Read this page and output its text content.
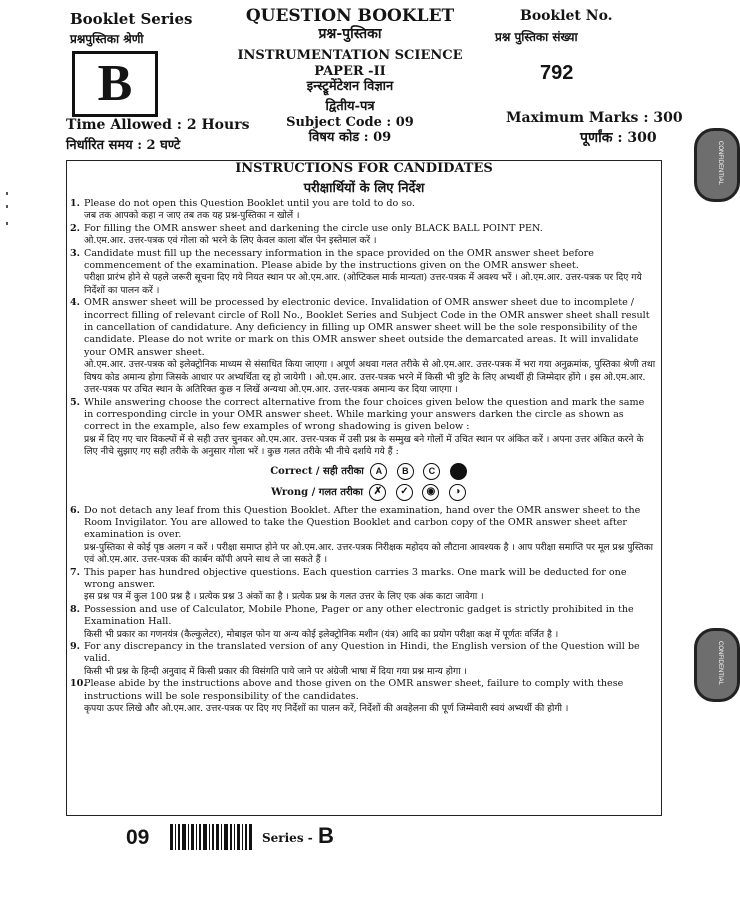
Booklet Series
प्रश्नपुस्तिका श्रेणी
B
Time Allowed : 2 Hours
निर्धारित समय : 2 घण्टे
QUESTION BOOKLET
प्रश्न-पुस्तिका
INSTRUMENTATION SCIENCE
PAPER -II
इन्स्ट्रूमेंटेशन विज्ञान
द्वितीय-पत्र
Subject Code : 09
विषय कोड : 09
Booklet No.
प्रश्न पुस्तिका संख्या
792
Maximum Marks : 300
पूर्णांक : 300
INSTRUCTIONS FOR CANDIDATES
परीक्षार्थियों के लिए निर्देश
1. Please do not open this Question Booklet until you are told to do so.

जब तक आपको कहा न जाए तब तक यह प्रश्न-पुस्तिका न खोलें ।

2. For filling the OMR answer sheet and darkening the circle use only BLACK BALL POINT PEN.

ओ.एम.आर. उत्तर-पत्रक एवं गोला को भरने के लिए केवल काला बॉल पेन इस्तेमाल करें ।

3. Candidate must fill up the necessary information in the space provided on the OMR answer sheet before commencement of the examination. Please abide by the instructions given on the OMR answer sheet.

परीक्षा प्रारंभ होने से पहले जरूरी सूचना दिए गये नियत स्थान पर ओ.एम.आर. (ओप्टिकल मार्क मान्यता) उत्तर-पत्रक में अवश्य भरें । ओ.एम.आर. उत्तर-पत्रक पर दिए गये निर्देशों का पालन करें ।

4. OMR answer sheet will be processed by electronic device. Invalidation of OMR answer sheet due to incomplete / incorrect filling of relevant circle of Roll No., Booklet Series and Subject Code in the OMR answer sheet shall result in cancellation of candidature. Any deficiency in filling up OMR answer sheet will be the sole responsibility of the candidate. Please do not write or mark on this OMR answer sheet outside the demarcated areas. It will invalidate your OMR answer sheet.

ओ.एम.आर. उत्तर-पत्रक को इलेक्ट्रोनिक माध्यम से संसाधित किया जाएगा । अपूर्ण अथवा गलत तरीके से ओ.एम.आर. उत्तर-पत्रक में भरा गया अनुक्रमांक, पुस्तिका श्रेणी तथा विषय कोड अमान्य होगा जिसके आधार पर अभ्यर्थिता रद्द हो जायेगी । ओ.एम.आर. उत्तर-पत्रक भरने में किसी भी त्रुटि के लिए अभ्यर्थी ही जिम्मेदार होंगे । इस ओ.एम.आर. उत्तर-पत्रक पर उचित स्थान के अतिरिक्त कुछ न लिखें अन्यथा ओ.एम.आर. उत्तर-पत्रक अमान्य कर दिया जाएगा ।

5. While answering choose the correct alternative from the four choices given below the question and mark the same in corresponding circle in your OMR answer sheet. While marking your answers darken the circle as shown as correct in the example, also few examples of wrong shadowing is given below :

प्रश्न में दिए गए चार विकल्पों में से सही उत्तर चुनकर ओ.एम.आर. उत्तर-पत्रक में उसी प्रश्न के सम्मुख बने गोलों में उचित स्थान पर अंकित करें । अपना उत्तर अंकित करने के लिए नीचे सुझाए गए सही तरीके के अनुसार गोला भरें । कुछ गलत तरीके भी नीचे दर्शाये गये हैं :

Correct / सही तरीका A B C
Wrong / गलत तरीका ✗ ✓ ◉ ◑
6. Do not detach any leaf from this Question Booklet. After the examination, hand over the OMR answer sheet to the Room Invigilator. You are allowed to take the Question Booklet and carbon copy of the OMR answer sheet after examination is over.

प्रश्न-पुस्तिका से कोई पृष्ठ अलग न करें । परीक्षा समाप्त होने पर ओ.एम.आर. उत्तर-पत्रक निरीक्षक महोदय को लौटाना आवश्यक है । आप परीक्षा समाप्ति पर मूल प्रश्न पुस्तिका एवं ओ.एम.आर. उत्तर-पत्रक की कार्बन कॉपी अपने साथ ले जा सकते हैं ।

7. This paper has hundred objective questions. Each question carries 3 marks. One mark will be deducted for one wrong answer.

इस प्रश्न पत्र में कुल 100 प्रश्न है । प्रत्येक प्रश्न 3 अंकों का है । प्रत्येक प्रश्न के गलत उत्तर के लिए एक अंक काटा जावेगा ।

8. Possession and use of Calculator, Mobile Phone, Pager or any other electronic gadget is strictly prohibited in the Examination Hall.

किसी भी प्रकार का गणनयंत्र (कैल्कुलेटर), मोबाइल फोन या अन्य कोई इलेक्ट्रोनिक मशीन (यंत्र) आदि का प्रयोग परीक्षा कक्ष में पूर्णतः वर्जित है ।

9. For any discrepancy in the translated version of any Question in Hindi, the English version of the Question will be valid.

किसी भी प्रश्न के हिन्दी अनुवाद में किसी प्रकार की विसंगति पाये जाने पर अंग्रेजी भाषा में दिया गया प्रश्न मान्य होगा ।

10.

Please abide by the instructions above and those given on the OMR answer sheet, failure to comply with these instructions will be sole responsibility of the candidates.

कृपया ऊपर लिखे और ओ.एम.आर. उत्तर-पत्रक पर दिए गए निर्देशों का पालन करें, निर्देशों की अवहेलना की पूर्ण जिम्मेवारी स्वयं अभ्यर्थी की होगी ।

09	Series - B
CONFIDENTIAL
CONFIDENTIAL
